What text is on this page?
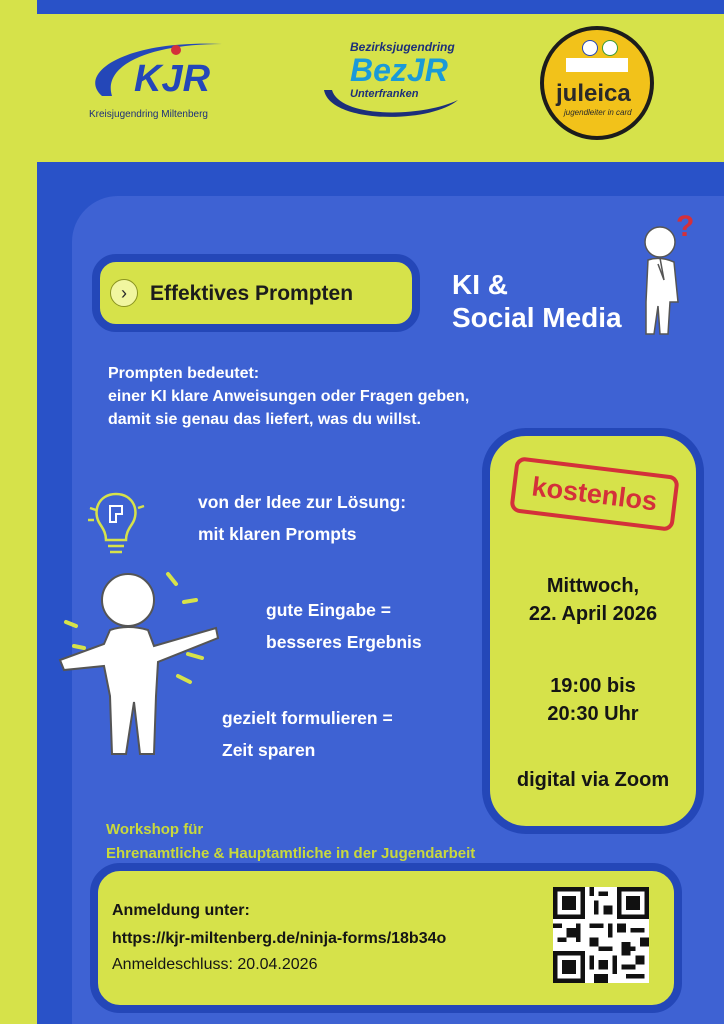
KJR
Kreisjugendring Miltenberg
Bezirksjugendring
BezJR
Unterfranken	juleica
jugendleiter in card
›	Effektives Prompten	KI &
Social Media
?
Prompten bedeutet:
einer KI klare Anweisungen oder Fragen geben,
damit sie genau das liefert, was du willst.
von der Idee zur Lösung:
mit klaren Prompts
gute Eingabe =
besseres Ergebnis
gezielt formulieren =
Zeit sparen
kostenlos
Mittwoch,
22. April 2026
19:00 bis
20:30 Uhr
digital via Zoom
Workshop für
Ehrenamtliche & Hauptamtliche in der Jugendarbeit
Anmeldung unter:
https://kjr-miltenberg.de/ninja-forms/18b34o
Anmeldeschluss: 20.04.2026
